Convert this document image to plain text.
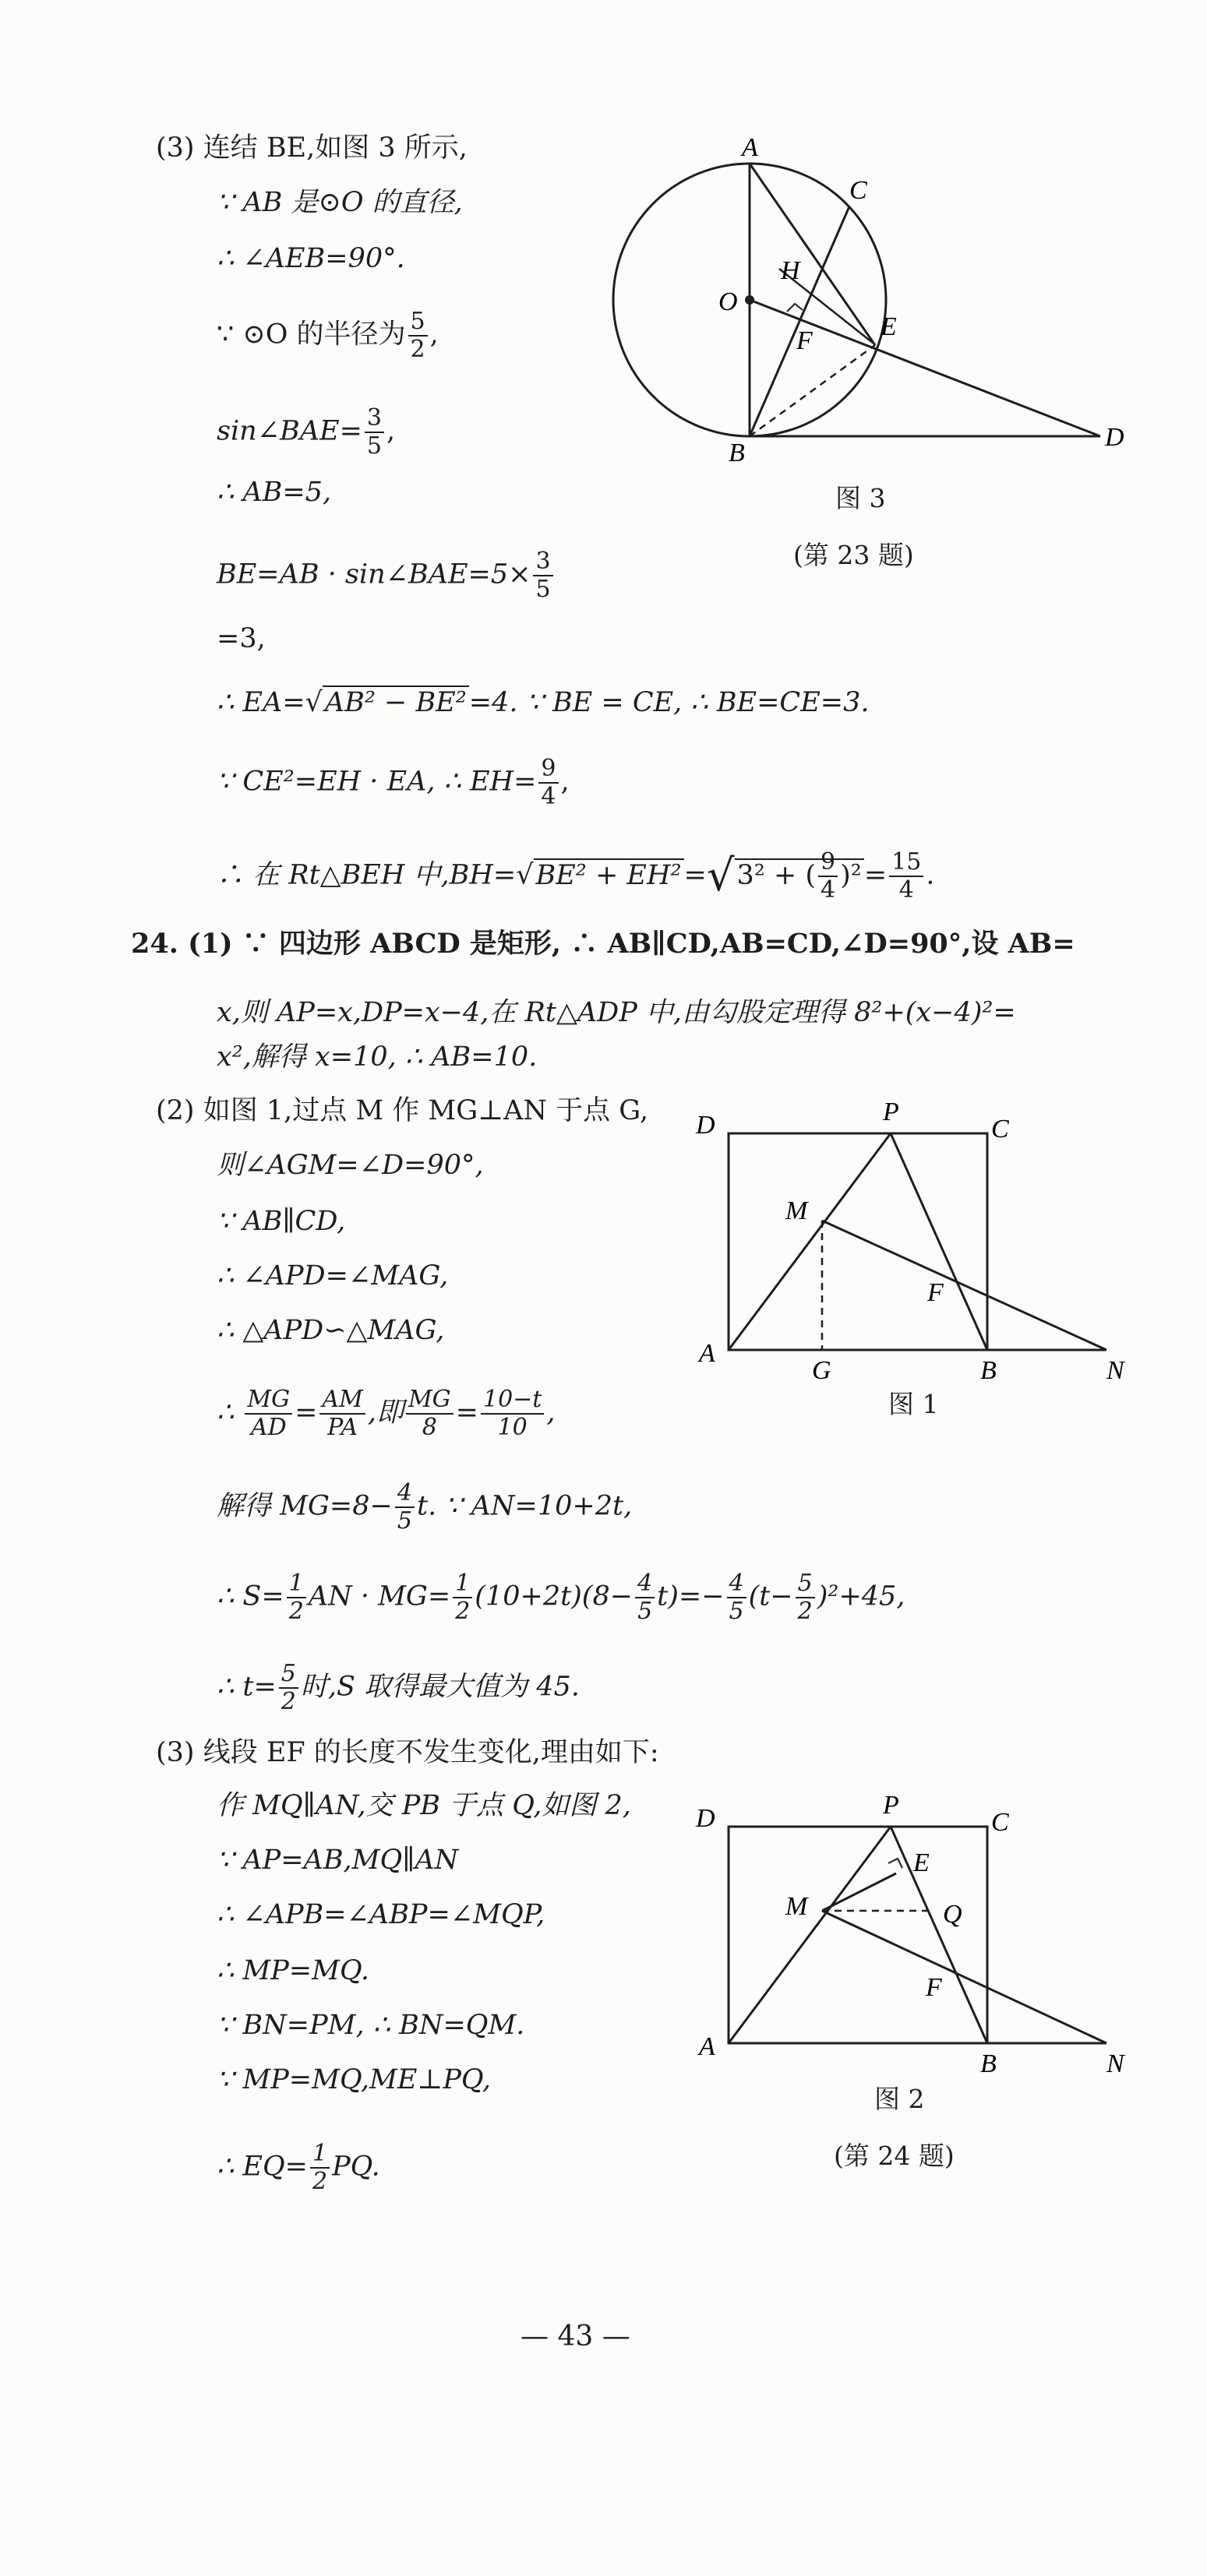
(3) 连结 BE,如图 3 所示,
∵ AB 是⊙O 的直径,
∴ ∠AEB=90°.
∵ ⊙O 的半径为 $\frac{5}{2}$ ,
sin∠BAE= $\frac{3}{5}$ ,
∴ AB=5,
BE=AB · sin∠BAE=5× $\frac{3}{5}$
=3,
∴ EA=√AB² − BE²=4. ∵ BE = CE, ∴ BE=CE=3.
∵ CE²=EH · EA, ∴ $EH= \frac{9}{4}$ ,
∴ 在 Rt△BEH 中,BH=√BE² + EH²=√3² + ( $\frac{9}{4} )^2= \frac{15}{4}$ .
A
C
H
O
F	E
B
D
图 3
(第 23 题)
24. (1) ∵ 四边形 ABCD 是矩形, ∴ AB∥CD,AB=CD,∠D=90°,设 AB=
x,则 AP=x,DP=x−4,在 Rt△ADP 中,由勾股定理得 8²+(x−4)²=
x²,解得 x=10, ∴ AB=10.
(2) 如图 1,过点 M 作 MG⊥AN 于点 G,
则∠AGM=∠D=90°,
∵ AB∥CD,
∴ ∠APD=∠MAG,
∴ △APD∽△MAG,
∴ $\frac{MG}{AD} = \frac{AM}{PA}$ ,即 $\frac{MG}{8} = \frac{10-t}{10}$ ,
解得 $MG=8- \frac{4}{5} t$. ∵ AN=10+2t,
∴ $S= \frac{1}{2}$ AN · $MG= \frac{1}{2} (10+2t)(8- \frac{4}{5} t)=- \frac{4}{5} (t- \frac{5}{2} )^2+45$,
∴ $t= \frac{5}{2}$ 时,S 取得最大值为 45.
D	P
C
M
F
A
G	B	N
图 1
(3) 线段 EF 的长度不发生变化,理由如下:
作 MQ∥AN,交 PB 于点 Q,如图 2,
∵ AP=AB,MQ∥AN
∴ ∠APB=∠ABP=∠MQP,
∴ MP=MQ.
∵ BN=PM, ∴ BN=QM.
∵ MP=MQ,ME⊥PQ,
∴ $EQ= \frac{1}{2}$ PQ.
D	P
C
E
M	Q
F
A
B	N
图 2
(第 24 题)
— 43 —
